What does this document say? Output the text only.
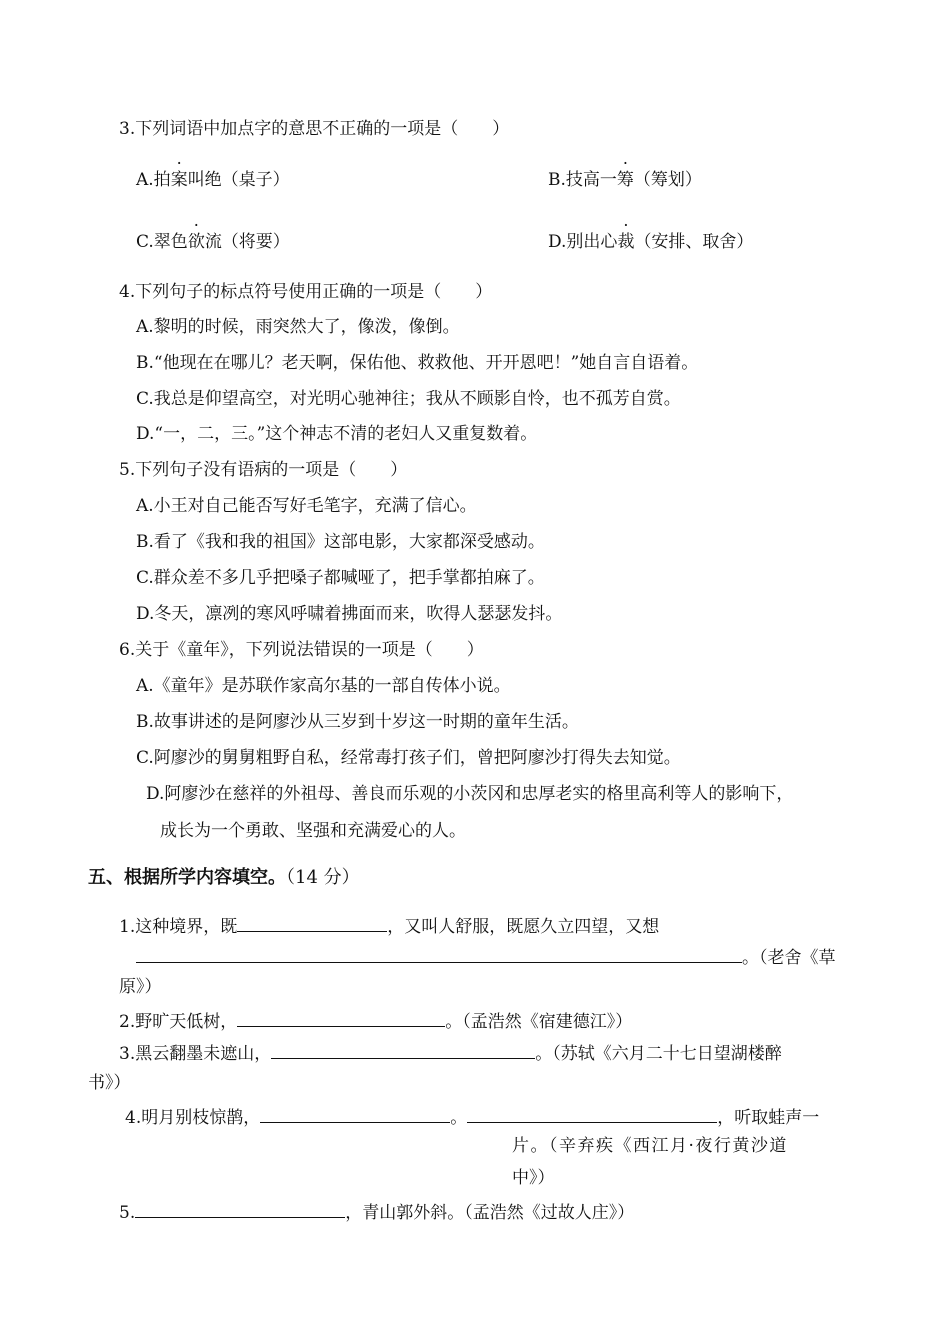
3.下列词语中加点字的意思不正确的一项是（　　）
A.拍案叫绝（桌子）	B.技高一筹（筹划）
C.翠色欲流（将要）	D.别出心裁（安排、取舍）
4.下列句子的标点符号使用正确的一项是（　　）
A.黎明的时候，雨突然大了，像泼，像倒。
B.“他现在在哪儿？老天啊，保佑他、救救他、开开恩吧！”她自言自语着。
C.我总是仰望高空，对光明心驰神往；我从不顾影自怜，也不孤芳自赏。
D.“一，二，三。”这个神志不清的老妇人又重复数着。
5.下列句子没有语病的一项是（　　）
A.小王对自己能否写好毛笔字，充满了信心。
B.看了《我和我的祖国》这部电影，大家都深受感动。
C.群众差不多几乎把嗓子都喊哑了，把手掌都拍麻了。
D.冬天，凛冽的寒风呼啸着拂面而来，吹得人瑟瑟发抖。
6.关于《童年》，下列说法错误的一项是（　　）
A.《童年》是苏联作家高尔基的一部自传体小说。
B.故事讲述的是阿廖沙从三岁到十岁这一时期的童年生活。
C.阿廖沙的舅舅粗野自私，经常毒打孩子们，曾把阿廖沙打得失去知觉。
D.阿廖沙在慈祥的外祖母、善良而乐观的小茨冈和忠厚老实的格里高利等人的影响下，
成长为一个勇敢、坚强和充满爱心的人。
五、根据所学内容填空。（14 分）
1.这种境界，既	，又叫人舒服，既愿久立四望，又想
。（老舍《草
原》）
2.野旷天低树，	。（孟浩然《宿建德江》）
3.黑云翻墨未遮山，	。（苏轼《六月二十七日望湖楼醉
书》）
4.明月别枝惊鹊，	。	，听取蛙声一
片。（辛弃疾《西江月·夜行黄沙道
中》）
5.	，青山郭外斜。（孟浩然《过故人庄》）
